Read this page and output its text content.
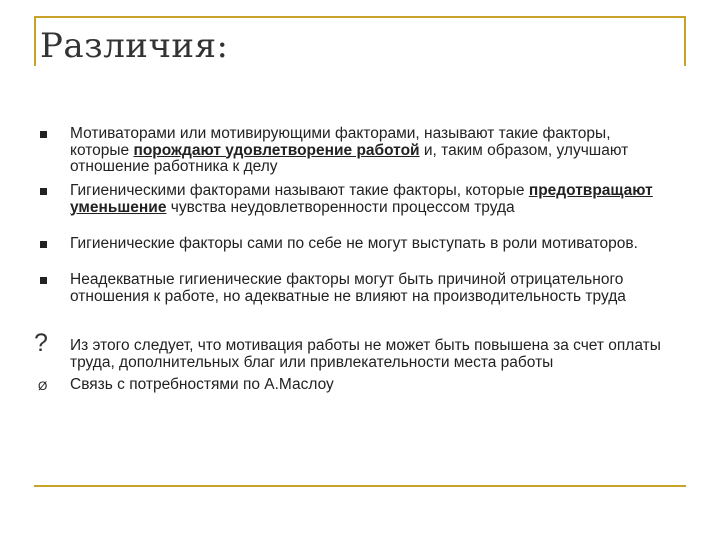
Различия:
Мотиваторами или мотивирующими факторами, называют такие факторы, которые порождают удовлетворение работой и, таким образом, улучшают отношение работника к делу
Гигиеническими факторами называют такие факторы, которые предотвращают уменьшение чувства неудовлетворенности процессом труда
Гигиенические факторы сами по себе не могут выступать в роли мотиваторов.
Неадекватные гигиенические факторы могут быть причиной отрицательного отношения к работе, но адекватные не влияют на производительность труда
? Из этого следует, что мотивация работы не может быть повышена за счет оплаты труда, дополнительных благ или привлекательности места работы
Ø Связь с потребностями по А.Маслоу
